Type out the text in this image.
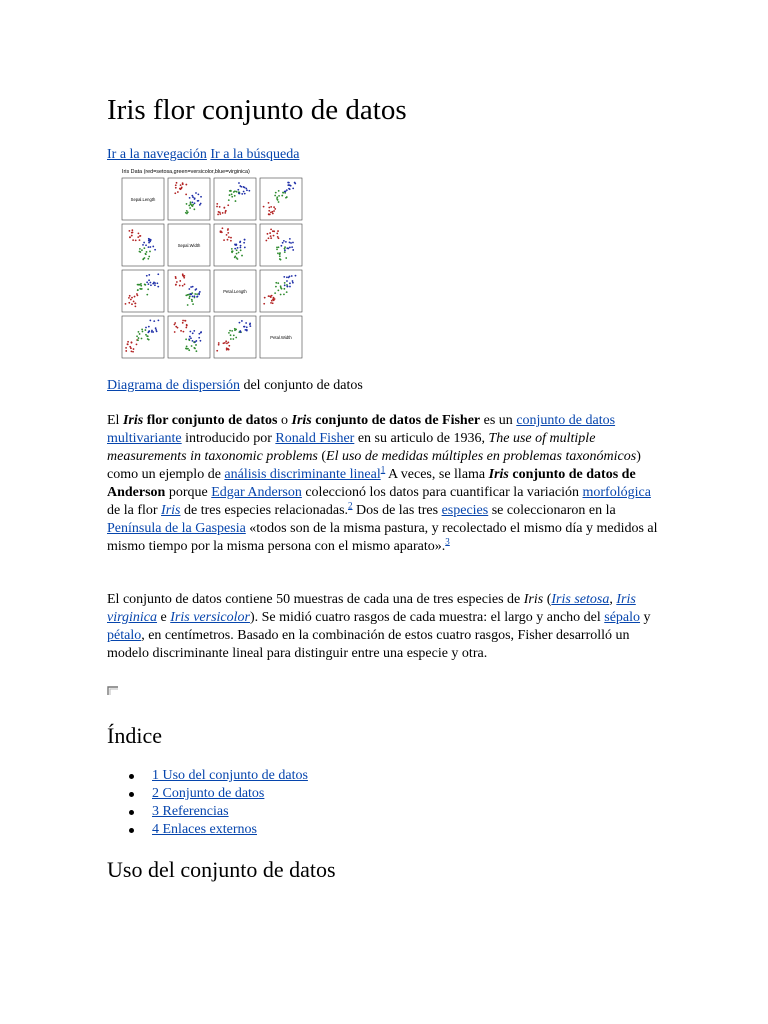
Iris flor conjunto de datos
Ir a la navegación Ir a la búsqueda
Iris Data (red=setosa,green=versicolor,blue=virginica)
Sepal.Length
Sepal.Width
Petal.Length
Petal.Width
Diagrama de dispersión del conjunto de datos

El Iris flor conjunto de datos o Iris conjunto de datos de Fisher es un conjunto de datos multivariante introducido por Ronald Fisher en su articulo de 1936, The use of multiple measurements in taxonomic problems (El uso de medidas múltiples en problemas taxonómicos) como un ejemplo de análisis discriminante lineal$^1$ A veces, se llama Iris conjunto de datos de Anderson porque Edgar Anderson coleccionó los datos para cuantificar la variación morfológica de la flor Iris de tres especies relacionadas.$^2$ Dos de las tres especies se coleccionaron en la Península de la Gaspesia «todos son de la misma pastura, y recolectado el mismo día y medidos al mismo tiempo por la misma persona con el mismo aparato».$^3$

El conjunto de datos contiene 50 muestras de cada una de tres especies de Iris (Iris setosa, Iris virginica e Iris versicolor). Se midió cuatro rasgos de cada muestra: el largo y ancho del sépalo y pétalo, en centímetros. Basado en la combinación de estos cuatro rasgos, Fisher desarrolló un modelo discriminante lineal para distinguir entre una especie y otra.

Índice
1 Uso del conjunto de datos
2 Conjunto de datos
3 Referencias
4 Enlaces externos
Uso del conjunto de datos
